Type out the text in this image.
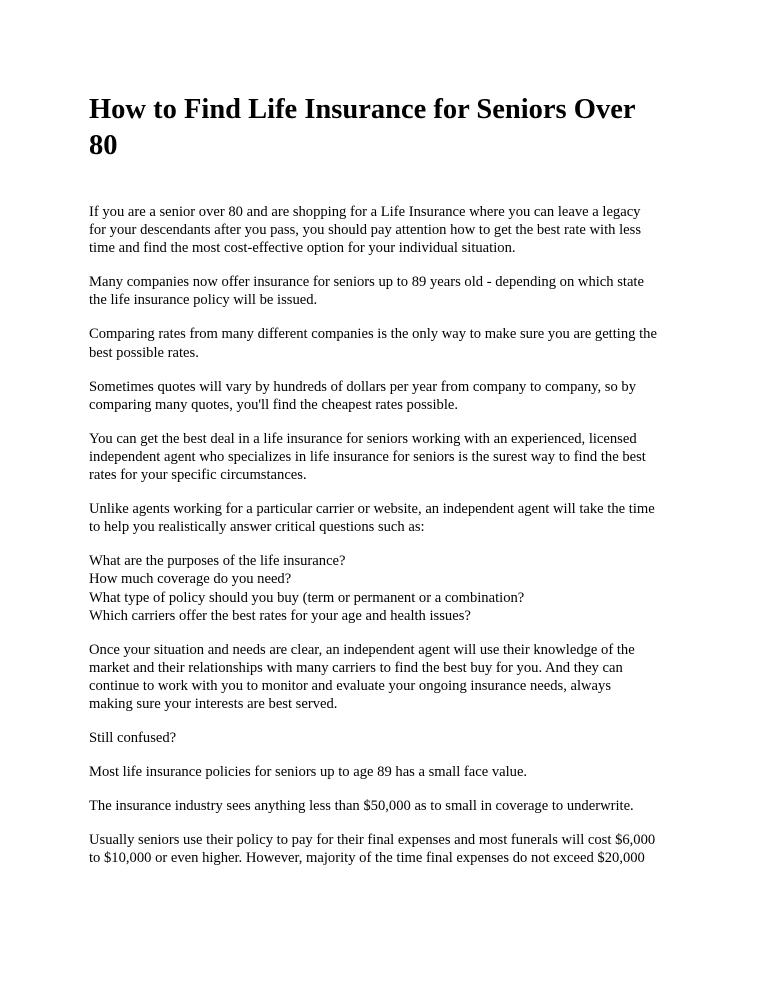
How to Find Life Insurance for Seniors Over
80

If you are a senior over 80 and are shopping for a Life Insurance where you can leave a legacy
for your descendants after you pass, you should pay attention how to get the best rate with less
time and find the most cost-effective option for your individual situation.

Many companies now offer insurance for seniors up to 89 years old - depending on which state
the life insurance policy will be issued.

Comparing rates from many different companies is the only way to make sure you are getting the
best possible rates.

Sometimes quotes will vary by hundreds of dollars per year from company to company, so by
comparing many quotes, you'll find the cheapest rates possible.

You can get the best deal in a life insurance for seniors working with an experienced, licensed
independent agent who specializes in life insurance for seniors is the surest way to find the best
rates for your specific circumstances.

Unlike agents working for a particular carrier or website, an independent agent will take the time
to help you realistically answer critical questions such as:

What are the purposes of the life insurance?
How much coverage do you need?
What type of policy should you buy (term or permanent or a combination?
Which carriers offer the best rates for your age and health issues?

Once your situation and needs are clear, an independent agent will use their knowledge of the
market and their relationships with many carriers to find the best buy for you. And they can
continue to work with you to monitor and evaluate your ongoing insurance needs, always
making sure your interests are best served.

Still confused?

Most life insurance policies for seniors up to age 89 has a small face value.

The insurance industry sees anything less than $50,000 as to small in coverage to underwrite.

Usually seniors use their policy to pay for their final expenses and most funerals will cost $6,000
to $10,000 or even higher. However, majority of the time final expenses do not exceed $20,000
